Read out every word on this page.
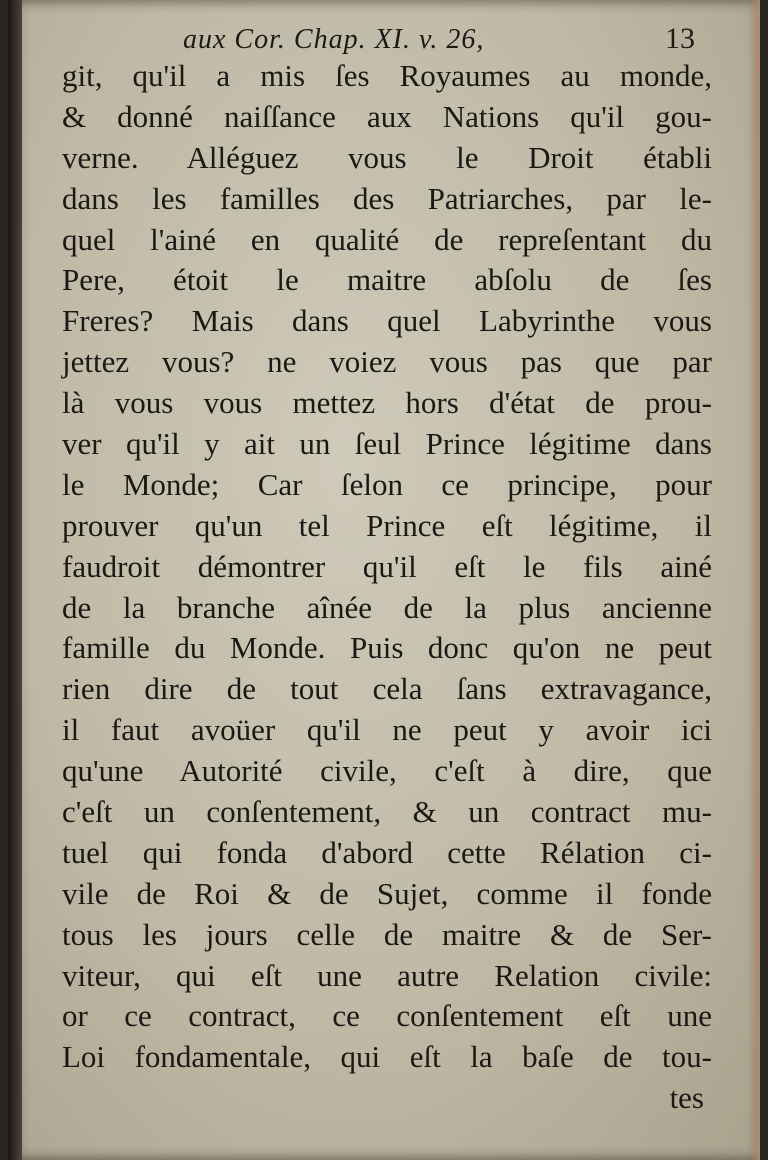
aux Cor. Chap. XI. v. 26,	13
git, qu'il a mis ſes Royaumes au monde,
& donné naiſſance aux Nations qu'il gou-
verne. Alléguez vous le Droit établi
dans les familles des Patriarches, par le-
quel l'ainé en qualité de repreſentant du
Pere, étoit le maitre abſolu de ſes
Freres? Mais dans quel Labyrinthe vous
jettez vous? ne voiez vous pas que par
là vous vous mettez hors d'état de prou-
ver qu'il y ait un ſeul Prince légitime dans
le Monde; Car ſelon ce principe, pour
prouver qu'un tel Prince eſt légitime, il
faudroit démontrer qu'il eſt le fils ainé
de la branche aînée de la plus ancienne
famille du Monde. Puis donc qu'on ne peut
rien dire de tout cela ſans extravagance,
il faut avoüer qu'il ne peut y avoir ici
qu'une Autorité civile, c'eſt à dire, que
c'eſt un conſentement, & un contract mu-
tuel qui fonda d'abord cette Rélation ci-
vile de Roi & de Sujet, comme il fonde
tous les jours celle de maitre & de Ser-
viteur, qui eſt une autre Relation civile:
or ce contract, ce conſentement eſt une
Loi fondamentale, qui eſt la baſe de tou-
tes
